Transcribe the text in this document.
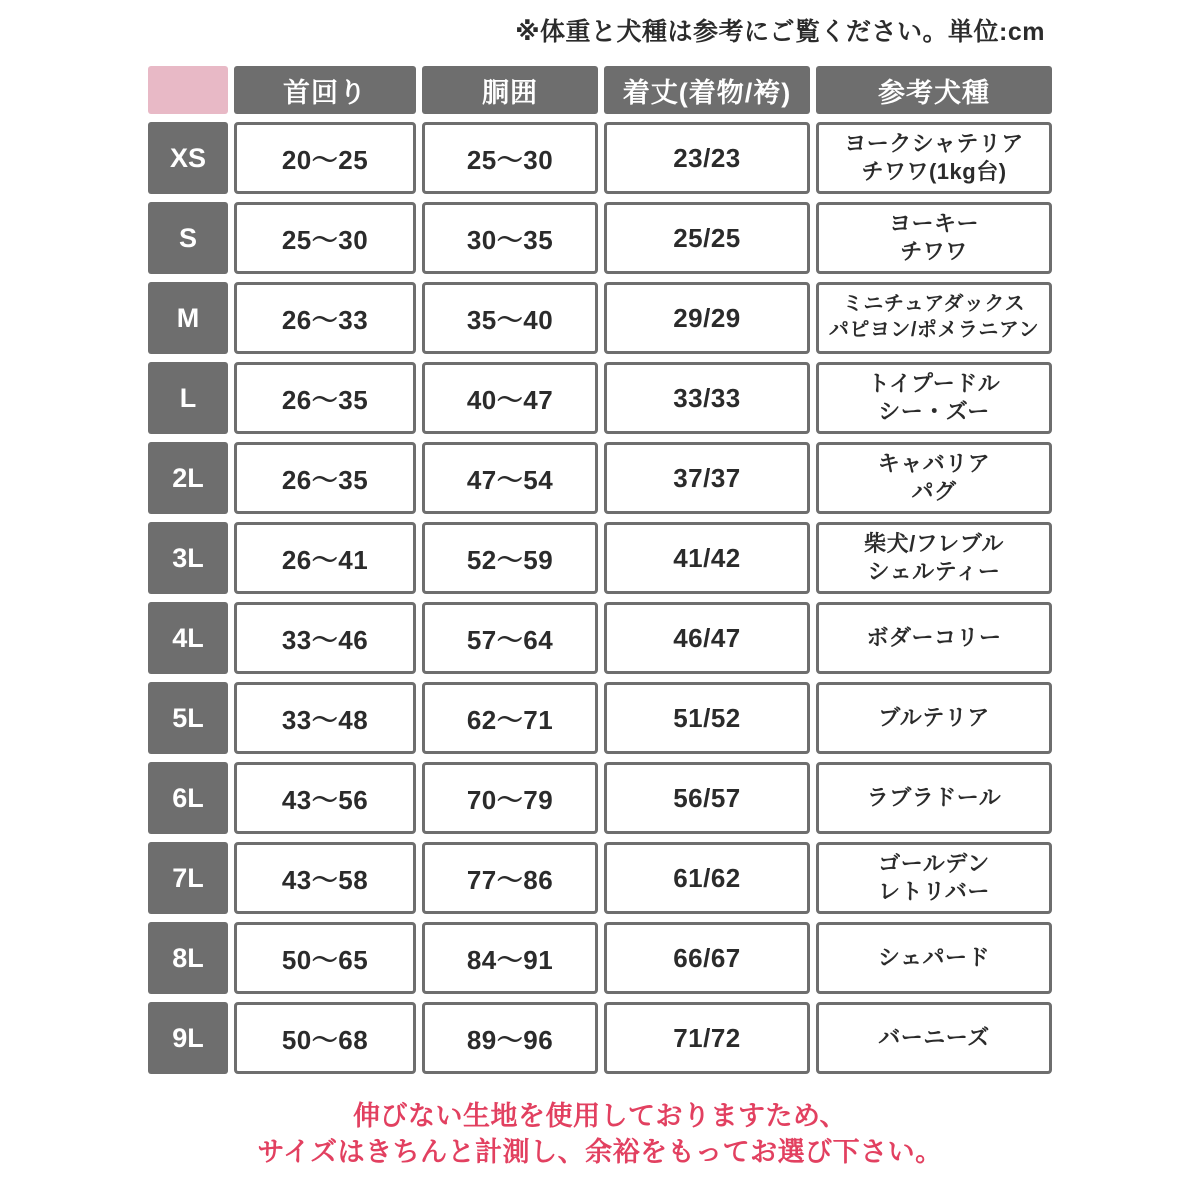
※体重と犬種は参考にご覧ください。単位:cm
	首回り	胴囲	着丈(着物/袴)	参考犬種
XS	20〜25	25〜30	23/23	ヨークシャテリア
チワワ(1kg台)

S	25〜30	30〜35	25/25	ヨーキー
チワワ

M	26〜33	35〜40	29/29	ミニチュアダックス
パピヨン/ポメラニアン

L	26〜35	40〜47	33/33	トイプードル
シー・ズー

2L	26〜35	47〜54	37/37	キャバリア
パグ

3L	26〜41	52〜59	41/42	柴犬/フレブル
シェルティー

4L	33〜46	57〜64	46/47	ボダーコリー

5L	33〜48	62〜71	51/52	ブルテリア

6L	43〜56	70〜79	56/57	ラブラドール

7L	43〜58	77〜86	61/62	ゴールデン
レトリバー

8L	50〜65	84〜91	66/67	シェパード

9L	50〜68	89〜96	71/72	バーニーズ
伸びない生地を使用しておりますため、
サイズはきちんと計測し、余裕をもってお選び下さい。
